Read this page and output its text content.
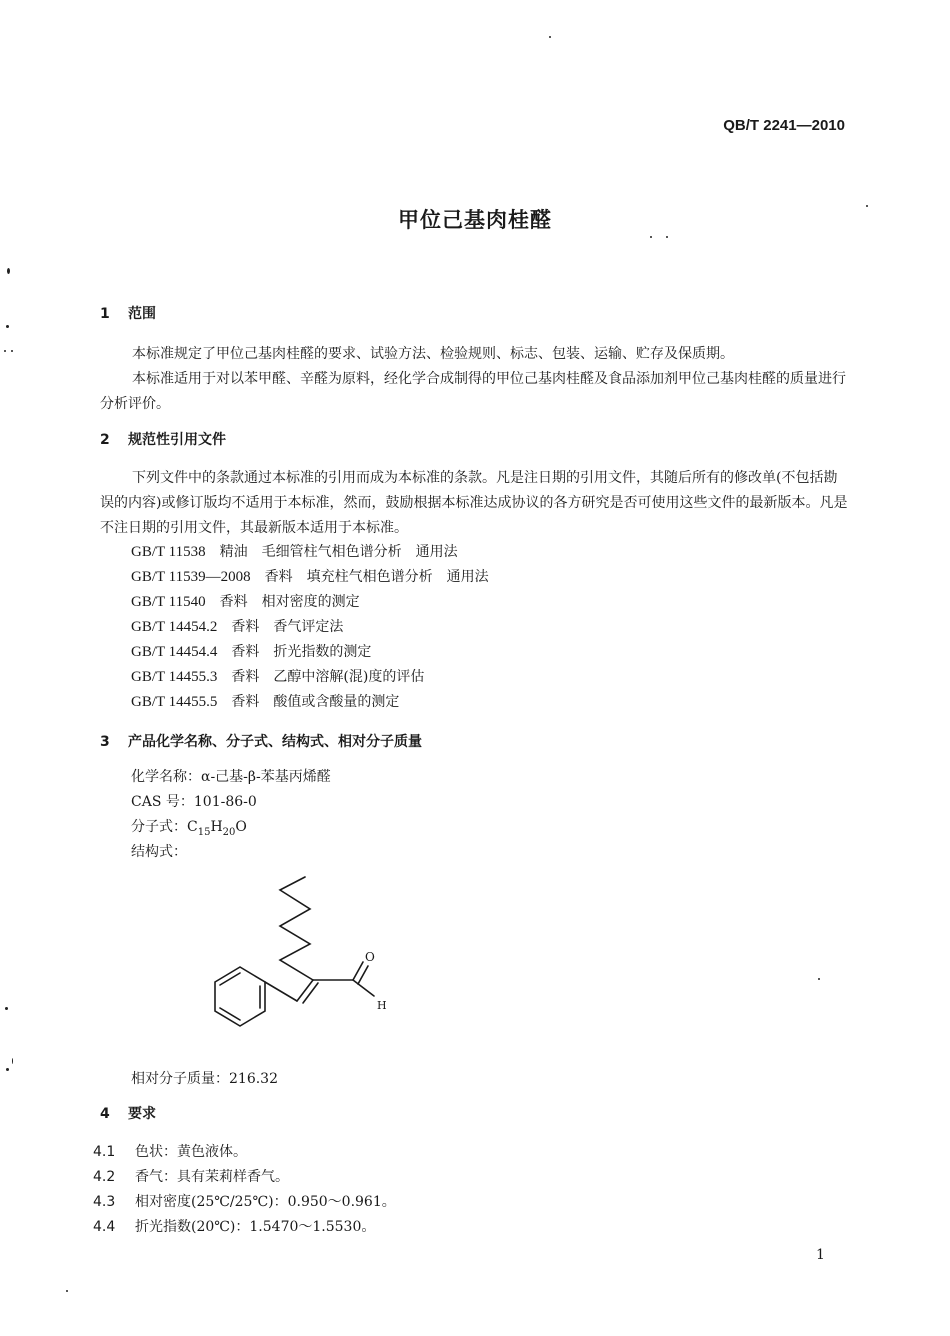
QB/T 2241—2010
甲位己基肉桂醛
1 范围
本标准规定了甲位己基肉桂醛的要求、试验方法、检验规则、标志、包装、运输、贮存及保质期。
本标准适用于对以苯甲醛、辛醛为原料，经化学合成制得的甲位己基肉桂醛及食品添加剂甲位己基肉桂醛的质量进行分析评价。
2 规范性引用文件
下列文件中的条款通过本标准的引用而成为本标准的条款。凡是注日期的引用文件，其随后所有的修改单(不包括勘误的内容)或修订版均不适用于本标准，然而，鼓励根据本标准达成协议的各方研究是否可使用这些文件的最新版本。凡是不注日期的引用文件，其最新版本适用于本标准。
GB/T 11538　 精油　毛细管柱气相色谱分析　通用法
GB/T 11539—2008　 香料　填充柱气相色谱分析　通用法
GB/T 11540　 香料　相对密度的测定
GB/T 14454.2　 香料　香气评定法
GB/T 14454.4　 香料　折光指数的测定
GB/T 14455.3　 香料　乙醇中溶解(混)度的评估
GB/T 14455.5　 香料　酸值或含酸量的测定
3 产品化学名称、分子式、结构式、相对分子质量
化学名称：α-己基-β-苯基丙烯醛
CAS 号：101-86-0
分子式：$C_{15}H_{20}O$
结构式：
O
H
相对分子质量：216.32
4 要求
4.1 色状：黄色液体。
4.2 香气：具有茉莉样香气。
4.3 相对密度(25℃/25℃)：0.950～0.961。
4.4 折光指数(20℃)：1.5470～1.5530。
1
